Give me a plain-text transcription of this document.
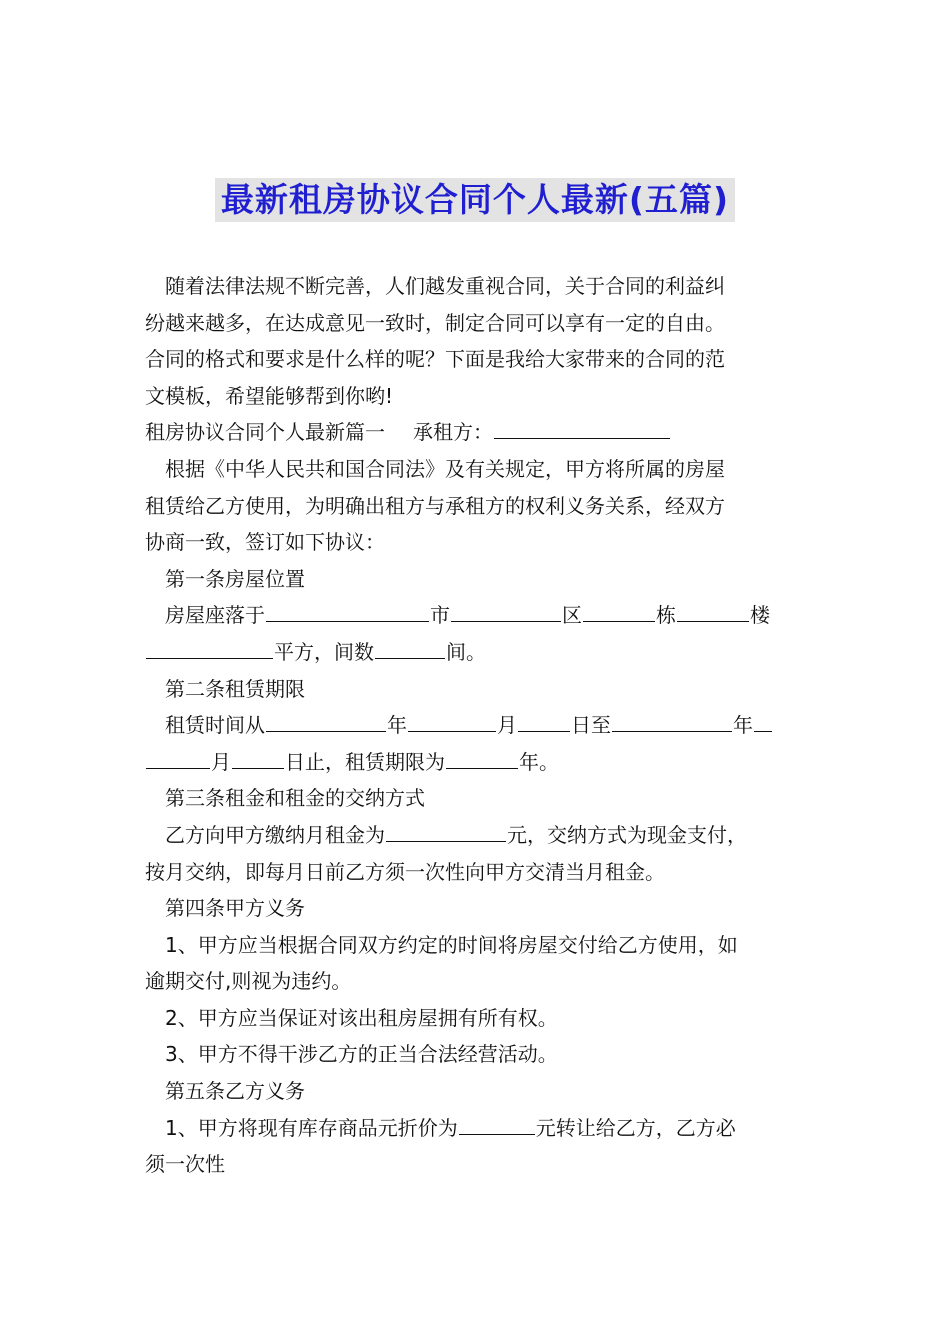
最新租房协议合同个人最新(五篇)

随着法律法规不断完善，人们越发重视合同，关于合同的利益纠

纷越来越多，在达成意见一致时，制定合同可以享有一定的自由。

合同的格式和要求是什么样的呢？下面是我给大家带来的合同的范

文模板，希望能够帮到你哟!

租房协议合同个人最新篇一 承租方：

根据《中华人民共和国合同法》及有关规定，甲方将所属的房屋

租赁给乙方使用，为明确出租方与承租方的权利义务关系，经双方

协商一致，签订如下协议：

第一条房屋位置

房屋座落于	市	区	栋	楼

平方，间数	间。

第二条租赁期限

租赁时间从	年	月	日至	年

月	日止，租赁期限为	年。

第三条租金和租金的交纳方式

乙方向甲方缴纳月租金为	元，交纳方式为现金支付，

按月交纳，即每月日前乙方须一次性向甲方交清当月租金。

第四条甲方义务

1、甲方应当根据合同双方约定的时间将房屋交付给乙方使用，如

逾期交付,则视为违约。

2、甲方应当保证对该出租房屋拥有所有权。

3、甲方不得干涉乙方的正当合法经营活动。

第五条乙方义务

1、甲方将现有库存商品元折价为	元转让给乙方，乙方必

须一次性
